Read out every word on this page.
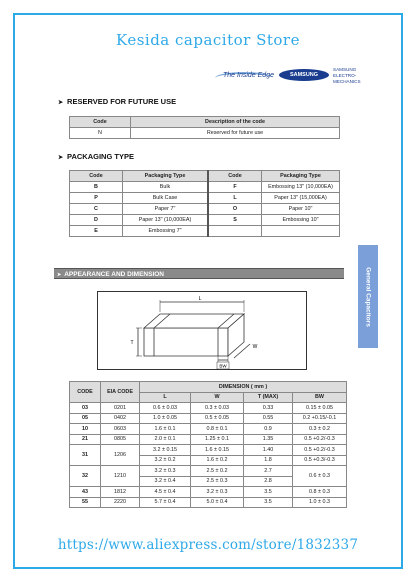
Kesida capacitor Store
The Inside Edge	SAMSUNG
SAMSUNG ELECTRO-MECHANICS
➤ RESERVED FOR FUTURE USE
Code	Description of the code
N	Reserved for future use
➤ PACKAGING TYPE
Code	Packaging Type	Code	Packaging Type
B	Bulk	F	Embossing 13" (10,000EA)
P	Bulk Case	L	Paper 13" (15,000EA)
C	Paper 7"	O	Paper 10"
D	Paper 13" (10,000EA)	S	Embossing 10"
E	Embossing 7"		
➤ APPEARANCE AND DIMENSION	General Capacitors
L
T
W
BW
CODE	EIA CODE	DIMENSION ( mm )			
		L	W	T (MAX)	BW
03	0201	0.6 ± 0.03	0.3 ± 0.03	0.33	0.15 ± 0.05
05	0402	1.0 ± 0.05	0.5 ± 0.05	0.55	0.2 +0.15/-0.1
10	0603	1.6 ± 0.1	0.8 ± 0.1	0.9	0.3 ± 0.2
21	0805	2.0 ± 0.1	1.25 ± 0.1	1.35	0.5 +0.2/-0.3
31	1206	3.2 ± 0.15	1.6 ± 0.15	1.40	0.5 +0.2/-0.3
		3.2 ± 0.2	1.6 ± 0.2	1.8	0.5 +0.3/-0.3
32	1210	3.2 ± 0.3	2.5 ± 0.2	2.7	0.6 ± 0.3
		3.2 ± 0.4	2.5 ± 0.3	2.8	
43	1812	4.5 ± 0.4	3.2 ± 0.3	3.5	0.8 ± 0.3
55	2220	5.7 ± 0.4	5.0 ± 0.4	3.5	1.0 ± 0.3
https://www.aliexpress.com/store/1832337
